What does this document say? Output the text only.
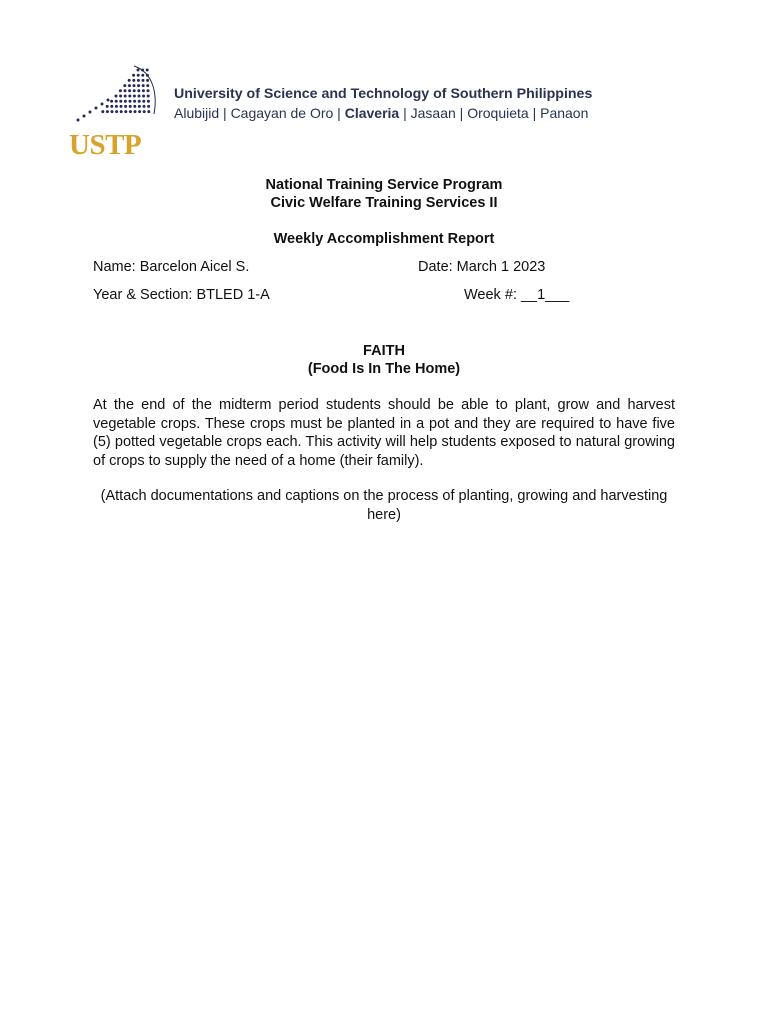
USTP
University of Science and Technology of Southern Philippines
Alubijid | Cagayan de Oro | Claveria | Jasaan | Oroquieta | Panaon
National Training Service Program
Civic Welfare Training Services II
Weekly Accomplishment Report
Name: Barcelon Aicel S.	Date: March 1 2023
Year & Section: BTLED 1-A	Week #: __1___
FAITH
(Food Is In The Home)
At the end of the midterm period students should be able to plant, grow and harvest vegetable crops. These crops must be planted in a pot and they are required to have five (5) potted vegetable crops each. This activity will help students exposed to natural growing of crops to supply the need of a home (their family).
(Attach documentations and captions on the process of planting, growing and harvesting here)
